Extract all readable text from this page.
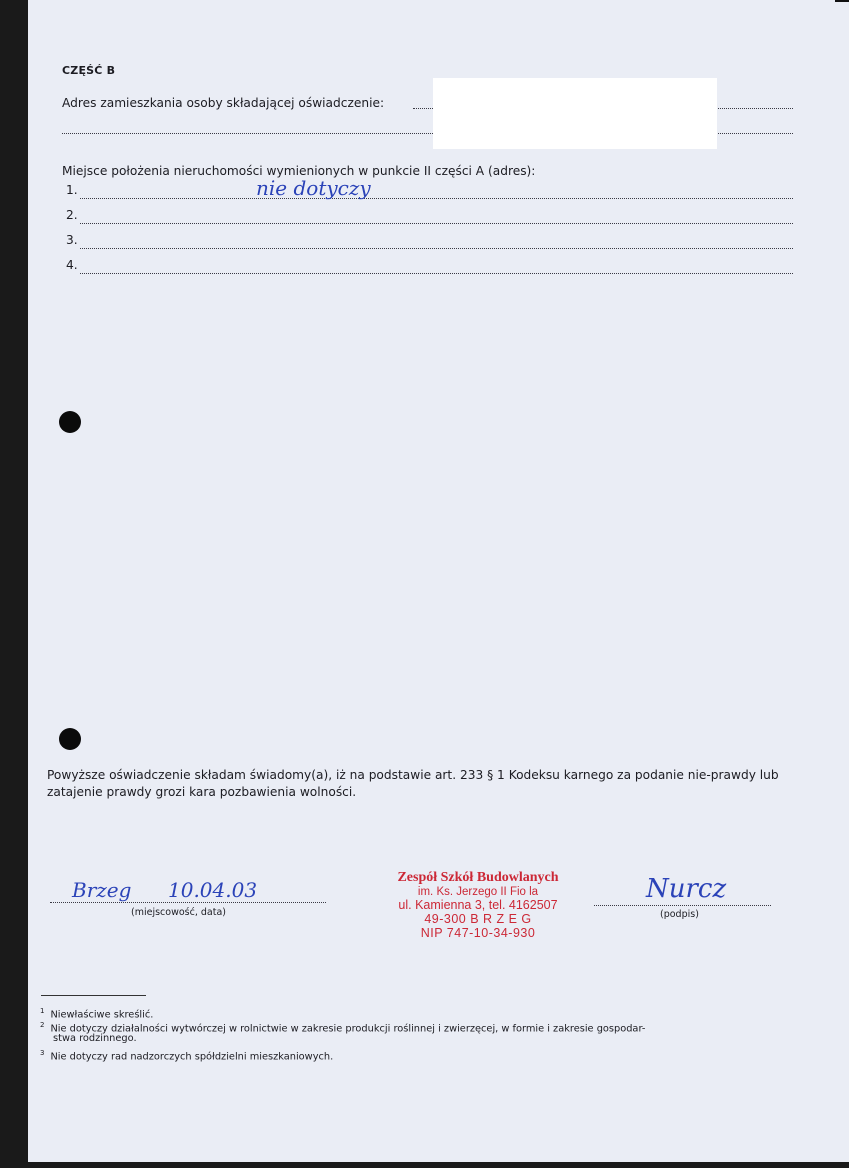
CZĘŚĆ B
Adres zamieszkania osoby składającej oświadczenie:
Miejsce położenia nieruchomości wymienionych w punkcie II części A (adres):
1.	nie dotyczy
2.
3.
4.
Powyższe oświadczenie składam świadomy(a), iż na podstawie art. 233 § 1 Kodeksu karnego za podanie nie-prawdy lub zatajenie prawdy grozi kara pozbawienia wolności.
Brzeg 10.04.03
(miejscowość, data)
Zespół Szkół Budowlanych
im. Ks. Jerzego II Fio la
ul. Kamienna 3, tel. 4162507
49-300 B R Z E G
NIP 747-10-34-930
Nurcz
(podpis)
$^1$ Niewłaściwe skreślić.
$^2$ Nie dotyczy działalności wytwórczej w rolnictwie w zakresie produkcji roślinnej i zwierzęcej, w formie i zakresie gospodar-
stwa rodzinnego.
$^3$ Nie dotyczy rad nadzorczych spółdzielni mieszkaniowych.
